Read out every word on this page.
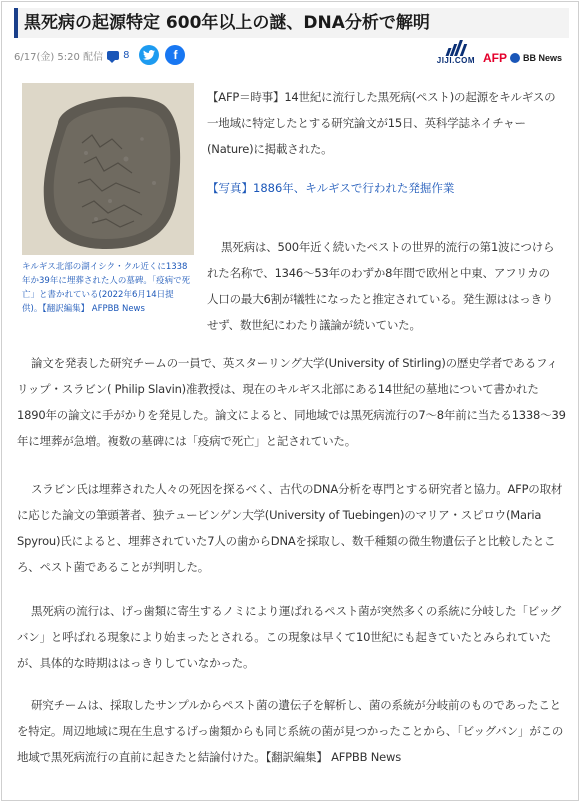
黒死病の起源特定 600年以上の謎、DNA分析で解明
6/17(金) 5:20 配信 8	f	JIJI.COM AFP BB News

キルギス北部の湖イシク・クル近くに1338年か39年に埋葬された人の墓碑。「疫病で死亡」と書かれている(2022年6月14日提供)。【翻訳編集】 AFPBB News

【AFP＝時事】14世紀に流行した黒死病(ペスト)の起源をキルギスの一地域に特定したとする研究論文が15日、英科学誌ネイチャー(Nature)に掲載された。

【写真】1886年、キルギスで行われた発掘作業

黒死病は、500年近く続いたペストの世界的流行の第1波につけられた名称で、1346～53年のわずか8年間で欧州と中東、アフリカの人口の最大6割が犠牲になったと推定されている。発生源ははっきりせず、数世紀にわたり議論が続いていた。

論文を発表した研究チームの一員で、英スターリング大学(University of Stirling)の歴史学者であるフィリップ・スラビン( Philip Slavin)准教授は、現在のキルギス北部にある14世紀の墓地について書かれた1890年の論文に手がかりを発見した。論文によると、同地域では黒死病流行の7～8年前に当たる1338～39年に埋葬が急増。複数の墓碑には「疫病で死亡」と記されていた。

スラビン氏は埋葬された人々の死因を探るべく、古代のDNA分析を専門とする研究者と協力。AFPの取材に応じた論文の筆頭著者、独テュービンゲン大学(University of Tuebingen)のマリア・スピロウ(Maria Spyrou)氏によると、埋葬されていた7人の歯からDNAを採取し、数千種類の微生物遺伝子と比較したところ、ペスト菌であることが判明した。

黒死病の流行は、げっ歯類に寄生するノミにより運ばれるペスト菌が突然多くの系統に分岐した「ビッグバン」と呼ばれる現象により始まったとされる。この現象は早くて10世紀にも起きていたとみられていたが、具体的な時期ははっきりしていなかった。

研究チームは、採取したサンプルからペスト菌の遺伝子を解析し、菌の系統が分岐前のものであったことを特定。周辺地域に現在生息するげっ歯類からも同じ系統の菌が見つかったことから、「ビッグバン」がこの地域で黒死病流行の直前に起きたと結論付けた。【翻訳編集】 AFPBB News
